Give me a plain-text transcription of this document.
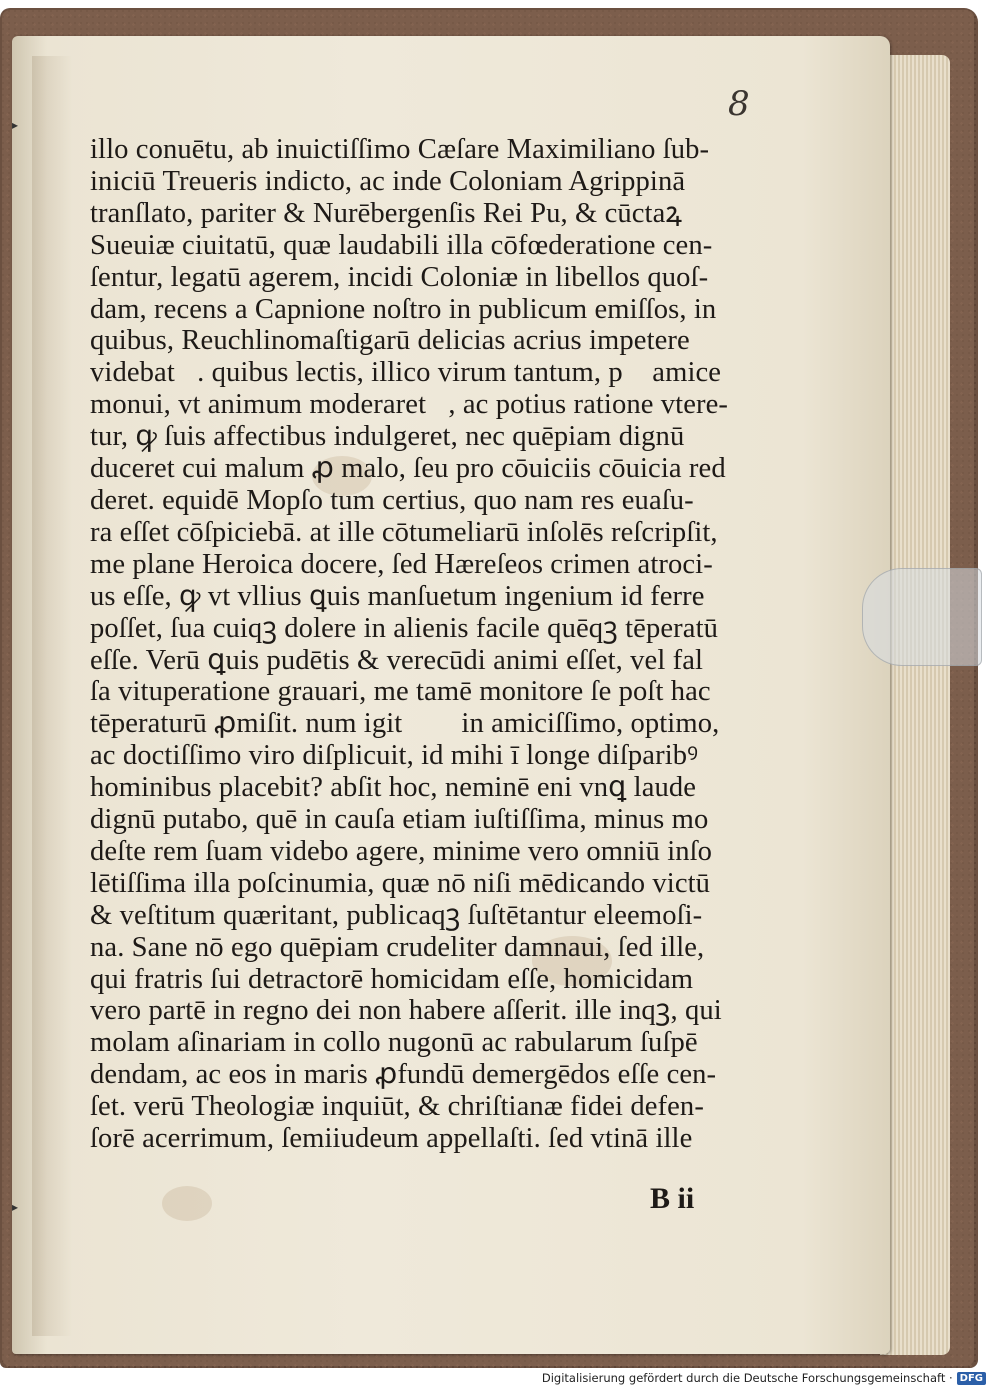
▸
▸
8
illo conuētu, ab inuictiſſimo Cæſare Maximiliano ſub-
iniciū Treueris indicto, ac inde Coloniam Agrippinā
tranſlato, pariter & Nurēbergenſis Rei Pu, & cūctaꝝ
Sueuiæ ciuitatū, quæ laudabili illa cōfœderatione cen-
ſentur, legatū agerem, incidi Coloniæ in libellos quoſ-
dam, recens a Capnione noſtro in publicum emiſſos, in
quibus, Reuchlinomaſtigarū delicias acrius impetere
videbat᷑. quibus lectis, illico virum tantum, pꝙ amice
monui, vt animum moderaret᷑, ac potius ratione vtere-
tur, ꝙ ſuis affectibus indulgeret, nec quēpiam dignū
duceret cui malum ꝓ malo, ſeu pro cōuiciis cōuicia red
deret. equidē Mopſo tum certius, quo nam res euaſu-
ra eſſet cōſpiciebā. at ille cōtumeliarū inſolēs reſcripſit,
me plane Heroica docere, ſed Hæreſeos crimen atroci-
us eſſe, ꝙ vt vllius ꝗuis manſuetum ingenium id ferre
poſſet, ſua cuiqꝫ dolere in alienis facile quēqꝫ tēperatū
eſſe. Verū ꝗuis pudētis & verecūdi animi eſſet, vel fal
ſa vituperatione grauari, me tamē monitore ſe poſt hac
tēperaturū ꝓmiſit. num igit᷑ ꝙ in amiciſſimo, optimo,
ac doctiſſimo viro diſplicuit, id mihi ī longe diſparibꝰ
hominibus placebit? abſit hoc, neminē eni vnꝗ laude
dignū putabo, quē in cauſa etiam iuſtiſſima, minus mo
deſte rem ſuam videbo agere, minime vero omniū inſo
lētiſſima illa poſcinumia, quæ nō niſi mēdicando victū
& veſtitum quæritant, publicaqꝫ ſuſtētantur eleemoſi-
na. Sane nō ego quēpiam crudeliter damnaui, ſed ille,
qui fratris ſui detractorē homicidam eſſe, homicidam
vero partē in regno dei non habere aſſerit. ille inqꝫ, qui
molam aſinariam in collo nugonū ac rabularum ſuſpē
dendam, ac eos in maris ꝓfundū demergēdos eſſe cen-
ſet. verū Theologiæ inquiūt, & chriſtianæ fidei defen-
ſorē acerrimum, ſemiiudeum appellaſti. ſed vtinā ille
B ii
Digitalisierung gefördert durch die Deutsche Forschungsgemeinschaft · DFG
